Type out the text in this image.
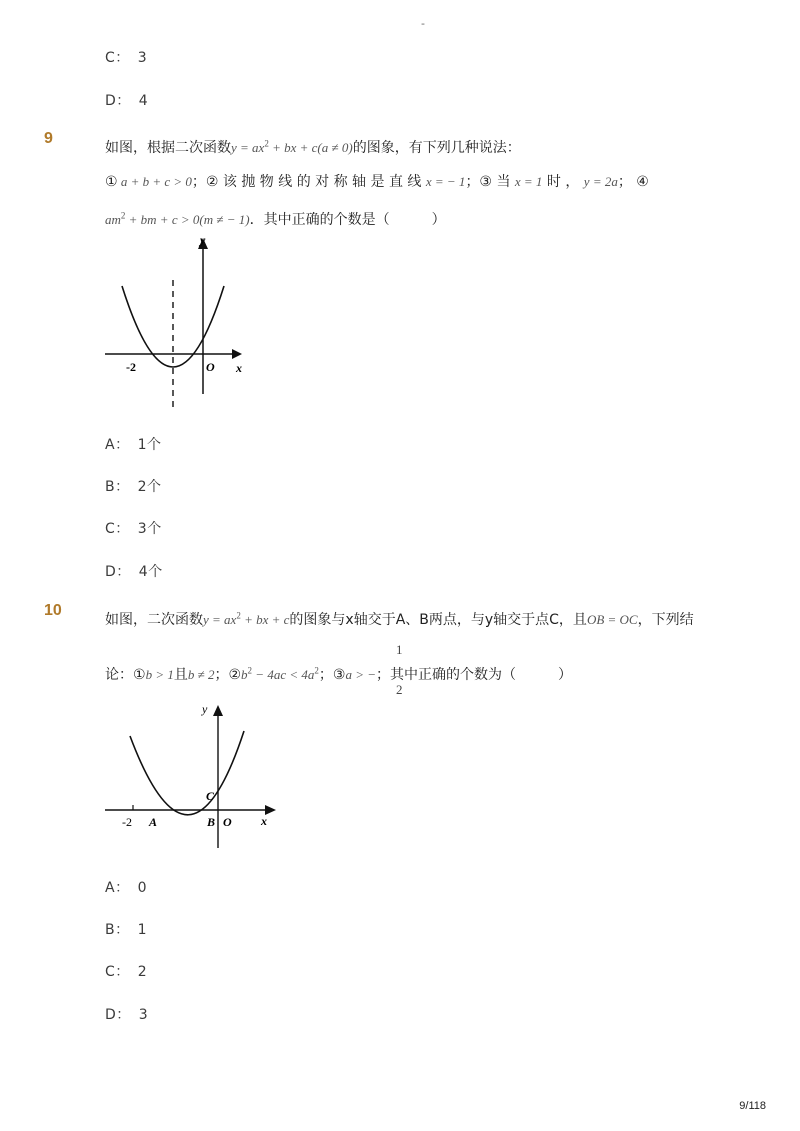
-
C： 3
D： 4
9
如图，根据二次函数$y = ax^2$ + bx + c(a ≠ 0)的图象，有下列几种说法：
① a + b + c > 0；② 该 抛 物 线 的 对 称 轴 是 直 线 x = − 1；③ 当 x = 1 时 ， y = 2a； ④
$am^2$ + bm + c > 0(m ≠ − 1)．其中正确的个数是（　　　）
y
x
O
-2
A： 1个
B： 2个
C： 3个
D： 4个
10
如图，二次函数$y = ax^2$ + bx + c的图象与x轴交于A、B两点，与y轴交于点C，且OB = OC，下列结
1
2
论：①b > 1且b ≠ 2；$②b^2 - 4ac < 4a^2$；③a > −；其中正确的个数为（　　　）
y
x
O
-2 A	B
C
A： 0
B： 1
C： 2
D： 3
9/118
